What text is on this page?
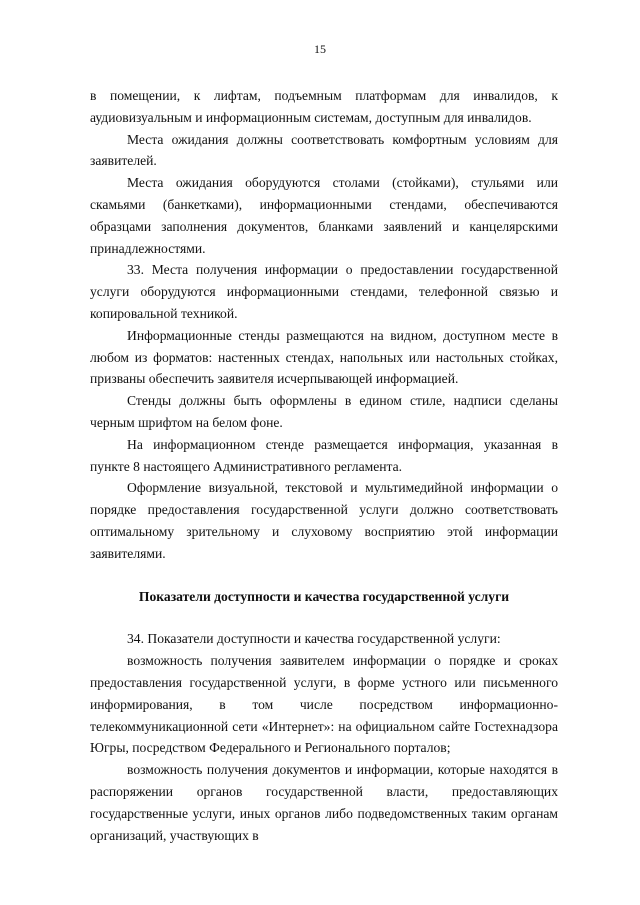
15

в помещении, к лифтам, подъемным платформам для инвалидов, к аудиовизуальным и информационным системам, доступным для инвалидов.

Места ожидания должны соответствовать комфортным условиям для заявителей.

Места ожидания оборудуются столами (стойками), стульями или скамьями (банкетками), информационными стендами, обеспечиваются образцами заполнения документов, бланками заявлений и канцелярскими принадлежностями.

33. Места получения информации о предоставлении государственной услуги оборудуются информационными стендами, телефонной связью и копировальной техникой.

Информационные стенды размещаются на видном, доступном месте в любом из форматов: настенных стендах, напольных или настольных стойках, призваны обеспечить заявителя исчерпывающей информацией.

Стенды должны быть оформлены в едином стиле, надписи сделаны черным шрифтом на белом фоне.

На информационном стенде размещается информация, указанная в пункте 8 настоящего Административного регламента.

Оформление визуальной, текстовой и мультимедийной информации о порядке предоставления государственной услуги должно соответствовать оптимальному зрительному и слуховому восприятию этой информации заявителями.

Показатели доступности и качества государственной услуги

34. Показатели доступности и качества государственной услуги:

возможность получения заявителем информации о порядке и сроках предоставления государственной услуги, в форме устного или письменного информирования, в том числе посредством информационно-телекоммуникационной сети «Интернет»: на официальном сайте Гостехнадзора Югры, посредством Федерального и Регионального порталов;

возможность получения документов и информации, которые находятся в распоряжении органов государственной власти, предоставляющих государственные услуги, иных органов либо подведомственных таким органам организаций, участвующих в
